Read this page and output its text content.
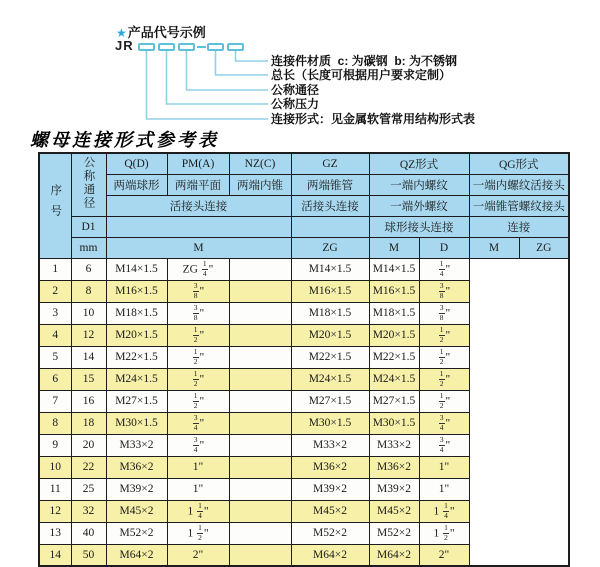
★产品代号示例
JR
连接件材质  c: 为碳钢  b: 为不锈钢
总长（长度可根据用户要求定制）
公称通径
公称压力
连接形式：见金属软管常用结构形式表
螺母连接形式参考表
序号	公称通径	Q(D)	PM(A)	NZ(C)	GZ	QZ形式		QG形式	
		两端球形	两端平面	两端内锥	两端锥管	一端内螺纹		一端内螺纹活接头	
		活接头连接			活接头连接	一端外螺纹		一端锥管螺纹接头	
	D1					球形接头连接		连接	
	mm	M			ZG	M	D	M	ZG
1	6	M14×1.5	ZG $\frac{1}{4}$ "		M14×1.5	M14×1.5	$\frac{1}{4}$ "		
2	8	M16×1.5	$\frac{3}{8}$ "		M16×1.5	M16×1.5	$\frac{3}{8}$ "		
3	10	M18×1.5	$\frac{3}{8}$ "		M18×1.5	M18×1.5	$\frac{3}{8}$ "		
4	12	M20×1.5	$\frac{1}{2}$ "		M20×1.5	M20×1.5	$\frac{1}{2}$ "		
5	14	M22×1.5	$\frac{1}{2}$ "		M22×1.5	M22×1.5	$\frac{1}{2}$ "		
6	15	M24×1.5	$\frac{1}{2}$ "		M24×1.5	M24×1.5	$\frac{1}{2}$ "		
7	16	M27×1.5	$\frac{1}{2}$ "		M27×1.5	M27×1.5	$\frac{1}{2}$ "		
8	18	M30×1.5	$\frac{3}{4}$ "		M30×1.5	M30×1.5	$\frac{3}{4}$ "		
9	20	M33×2	$\frac{3}{4}$ "		M33×2	M33×2	$\frac{3}{4}$ "		
10	22	M36×2	1"		M36×2	M36×2	1"		
11	25	M39×2	1"		M39×2	M39×2	1"		
12	32	M45×2	$1 \frac{1}{4}$ "		M45×2	M45×2	$1 \frac{1}{4}$ "		
13	40	M52×2	$1 \frac{1}{2}$ "		M52×2	M52×2	$1 \frac{1}{2}$ "		
14	50	M64×2	2"		M64×2	M64×2	2"		
